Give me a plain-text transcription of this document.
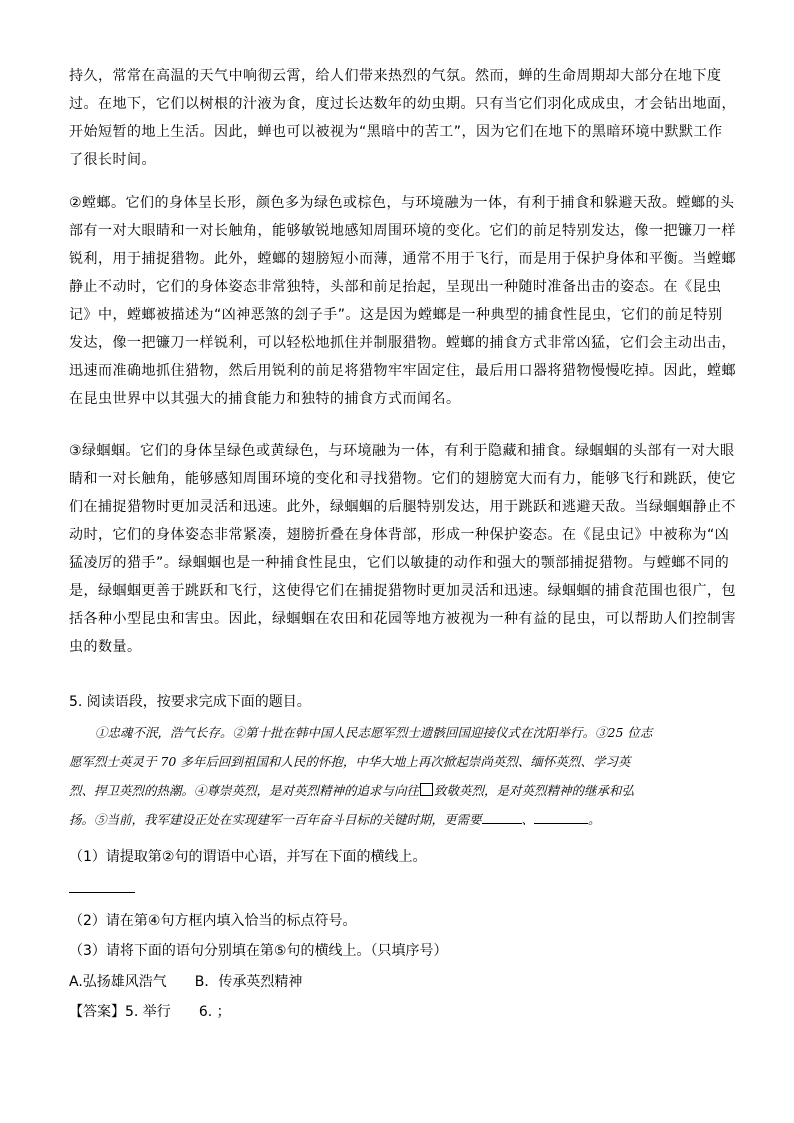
持久，常常在高温的天气中响彻云霄，给人们带来热烈的气氛。然而，蝉的生命周期却大部分在地下度
过。在地下，它们以树根的汁液为食，度过长达数年的幼虫期。只有当它们羽化成成虫，才会钻出地面，
开始短暂的地上生活。因此，蝉也可以被视为“黑暗中的苦工”，因为它们在地下的黑暗环境中默默工作
了很长时间。

②螳螂。它们的身体呈长形，颜色多为绿色或棕色，与环境融为一体，有利于捕食和躲避天敌。螳螂的头
部有一对大眼睛和一对长触角，能够敏锐地感知周围环境的变化。它们的前足特别发达，像一把镰刀一样
锐利，用于捕捉猎物。此外，螳螂的翅膀短小而薄，通常不用于飞行，而是用于保护身体和平衡。当螳螂
静止不动时，它们的身体姿态非常独特，头部和前足抬起，呈现出一种随时准备出击的姿态。在《昆虫
记》中，螳螂被描述为“凶神恶煞的刽子手”。这是因为螳螂是一种典型的捕食性昆虫，它们的前足特别
发达，像一把镰刀一样锐利，可以轻松地抓住并制服猎物。螳螂的捕食方式非常凶猛，它们会主动出击，
迅速而准确地抓住猎物，然后用锐利的前足将猎物牢牢固定住，最后用口器将猎物慢慢吃掉。因此，螳螂
在昆虫世界中以其强大的捕食能力和独特的捕食方式而闻名。

③绿蝈蝈。它们的身体呈绿色或黄绿色，与环境融为一体，有利于隐藏和捕食。绿蝈蝈的头部有一对大眼
睛和一对长触角，能够感知周围环境的变化和寻找猎物。它们的翅膀宽大而有力，能够飞行和跳跃，使它
们在捕捉猎物时更加灵活和迅速。此外，绿蝈蝈的后腿特别发达，用于跳跃和逃避天敌。当绿蝈蝈静止不
动时，它们的身体姿态非常紧凑，翅膀折叠在身体背部，形成一种保护姿态。在《昆虫记》中被称为“凶
猛凌厉的猎手”。绿蝈蝈也是一种捕食性昆虫，它们以敏捷的动作和强大的颚部捕捉猎物。与螳螂不同的
是，绿蝈蝈更善于跳跃和飞行，这使得它们在捕捉猎物时更加灵活和迅速。绿蝈蝈的捕食范围也很广，包
括各种小型昆虫和害虫。因此，绿蝈蝈在农田和花园等地方被视为一种有益的昆虫，可以帮助人们控制害
虫的数量。

5. 阅读语段，按要求完成下面的题目。

①忠魂不泯，浩气长存。②第十批在韩中国人民志愿军烈士遗骸回国迎接仪式在沈阳举行。③25 位志
愿军烈士英灵于 70 多年后回到祖国和人民的怀抱，中华大地上再次掀起崇尚英烈、缅怀英烈、学习英
烈、捍卫英烈的热潮。④尊崇英烈，是对英烈精神的追求与向往 致敬英烈，是对英烈精神的继承和弘
扬。⑤当前，我军建设正处在实现建军一百年奋斗目标的关键时期，更需要	、	。

（1）请提取第②句的谓语中心语，并写在下面的横线上。

（2）请在第④句方框内填入恰当的标点符号。

（3）请将下面的语句分别填在第⑤句的横线上。（只填序号）

A.弘扬雄风浩气 B．传承英烈精神

【答案】5. 举行 6. ；
